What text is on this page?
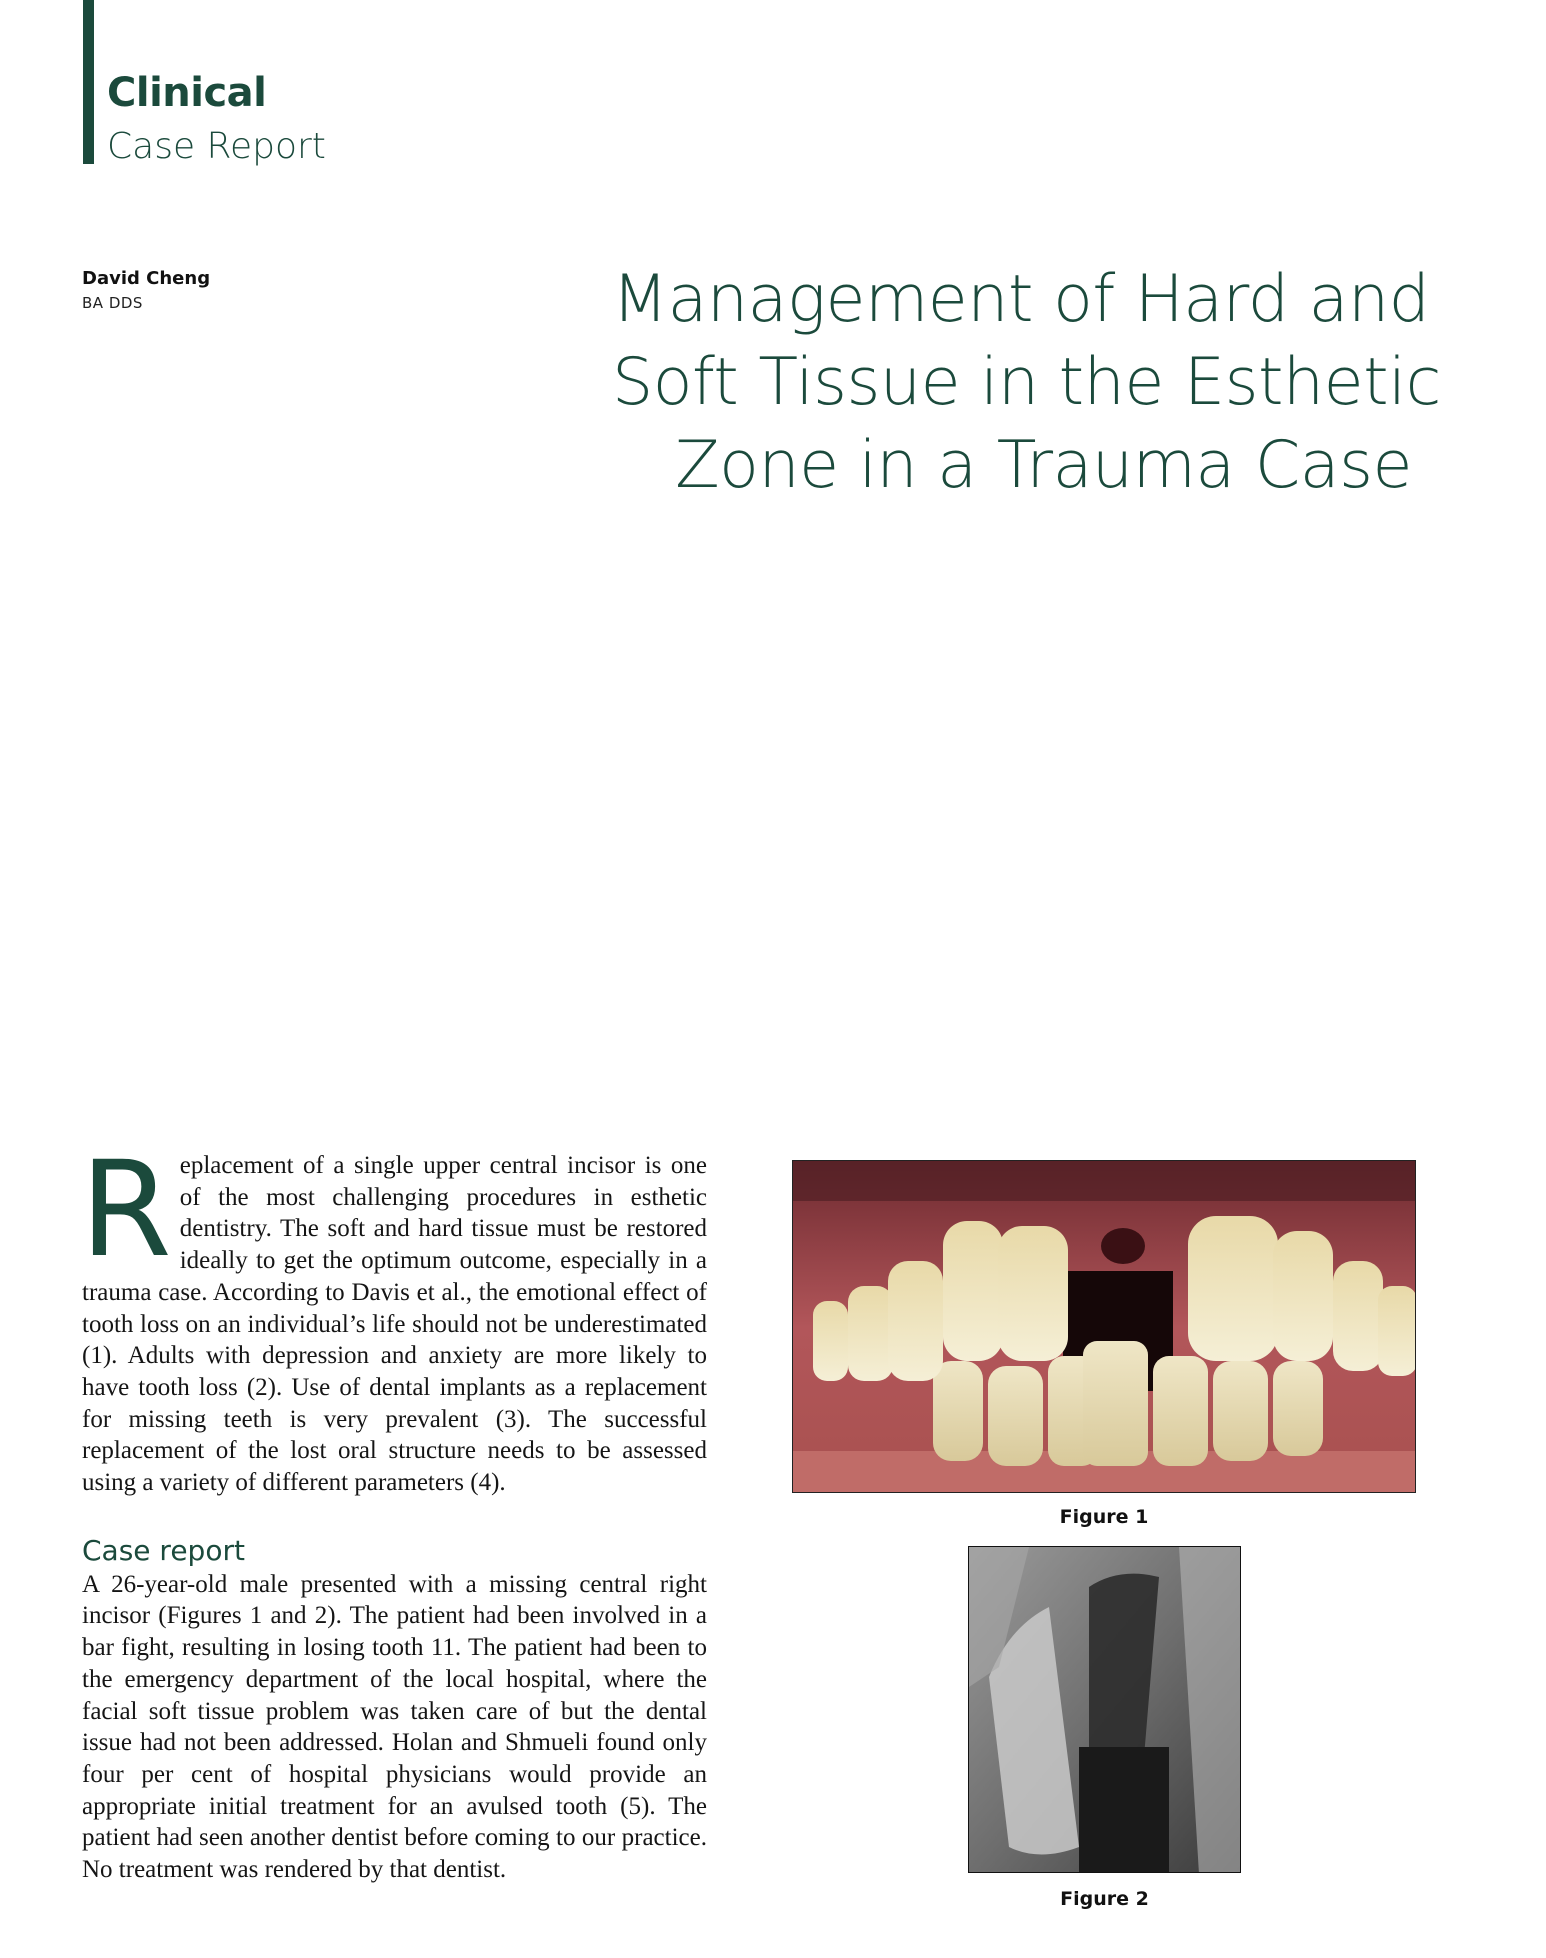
Clinical
Case Report
David Cheng
BA DDS	Management of Hard and
Soft Tissue in the Esthetic
Zone in a Trauma Case

Replacement of a single upper central incisor is one of the most challenging procedures in esthetic dentistry. The soft and hard tissue must be restored ideally to get the optimum outcome, especially in a trauma case. According to Davis et al., the emotional effect of tooth loss on an individual’s life should not be underestimated (1). Adults with depression and anxiety are more likely to have tooth loss (2). Use of dental implants as a replacement for missing teeth is very prevalent (3). The successful replacement of the lost oral structure needs to be assessed using a variety of different parameters (4).

Case report

A 26-year-old male presented with a missing central right incisor (Figures 1 and 2). The patient had been involved in a bar fight, resulting in losing tooth 11. The patient had been to the emergency department of the local hospital, where the facial soft tissue problem was taken care of but the dental issue had not been addressed. Holan and Shmueli found only four per cent of hospital physicians would provide an appropriate initial treatment for an avulsed tooth (5). The patient had seen another dentist before coming to our practice. No treatment was rendered by that dentist.

Figure 1
Figure 2
